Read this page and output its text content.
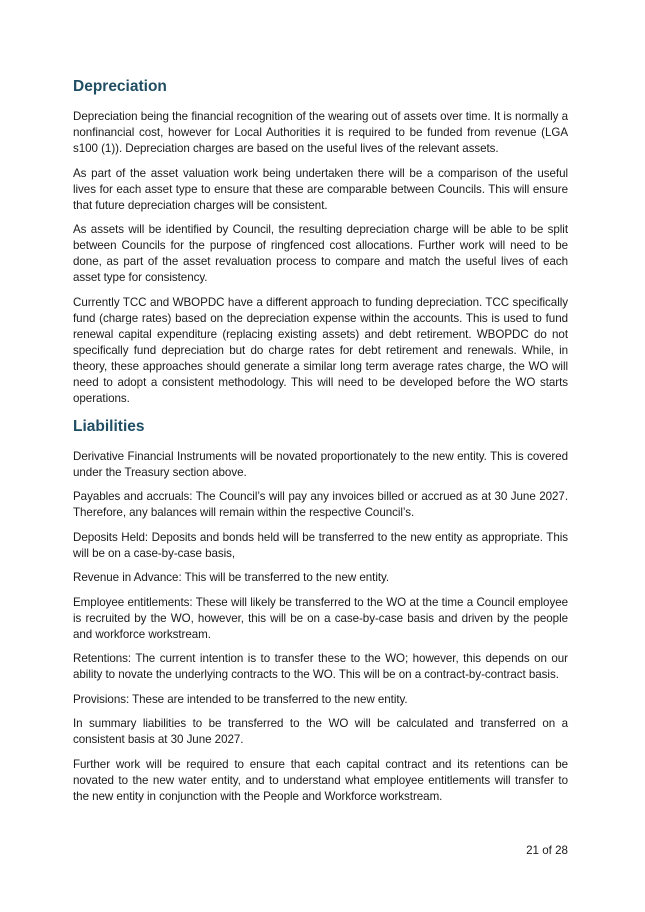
Depreciation

Depreciation being the financial recognition of the wearing out of assets over time. It is normally a nonfinancial cost, however for Local Authorities it is required to be funded from revenue (LGA s100 (1)). Depreciation charges are based on the useful lives of the relevant assets.

As part of the asset valuation work being undertaken there will be a comparison of the useful lives for each asset type to ensure that these are comparable between Councils. This will ensure that future depreciation charges will be consistent.

As assets will be identified by Council, the resulting depreciation charge will be able to be split between Councils for the purpose of ringfenced cost allocations. Further work will need to be done, as part of the asset revaluation process to compare and match the useful lives of each asset type for consistency.

Currently TCC and WBOPDC have a different approach to funding depreciation. TCC specifically fund (charge rates) based on the depreciation expense within the accounts. This is used to fund renewal capital expenditure (replacing existing assets) and debt retirement. WBOPDC do not specifically fund depreciation but do charge rates for debt retirement and renewals. While, in theory, these approaches should generate a similar long term average rates charge, the WO will need to adopt a consistent methodology. This will need to be developed before the WO starts operations.

Liabilities

Derivative Financial Instruments will be novated proportionately to the new entity. This is covered under the Treasury section above.

Payables and accruals: The Council’s will pay any invoices billed or accrued as at 30 June 2027. Therefore, any balances will remain within the respective Council’s.

Deposits Held: Deposits and bonds held will be transferred to the new entity as appropriate. This will be on a case-by-case basis,

Revenue in Advance: This will be transferred to the new entity.

Employee entitlements: These will likely be transferred to the WO at the time a Council employee is recruited by the WO, however, this will be on a case-by-case basis and driven by the people and workforce workstream.

Retentions: The current intention is to transfer these to the WO; however, this depends on our ability to novate the underlying contracts to the WO. This will be on a contract-by-contract basis.

Provisions: These are intended to be transferred to the new entity.

In summary liabilities to be transferred to the WO will be calculated and transferred on a consistent basis at 30 June 2027.

Further work will be required to ensure that each capital contract and its retentions can be novated to the new water entity, and to understand what employee entitlements will transfer to the new entity in conjunction with the People and Workforce workstream.

21 of 28
